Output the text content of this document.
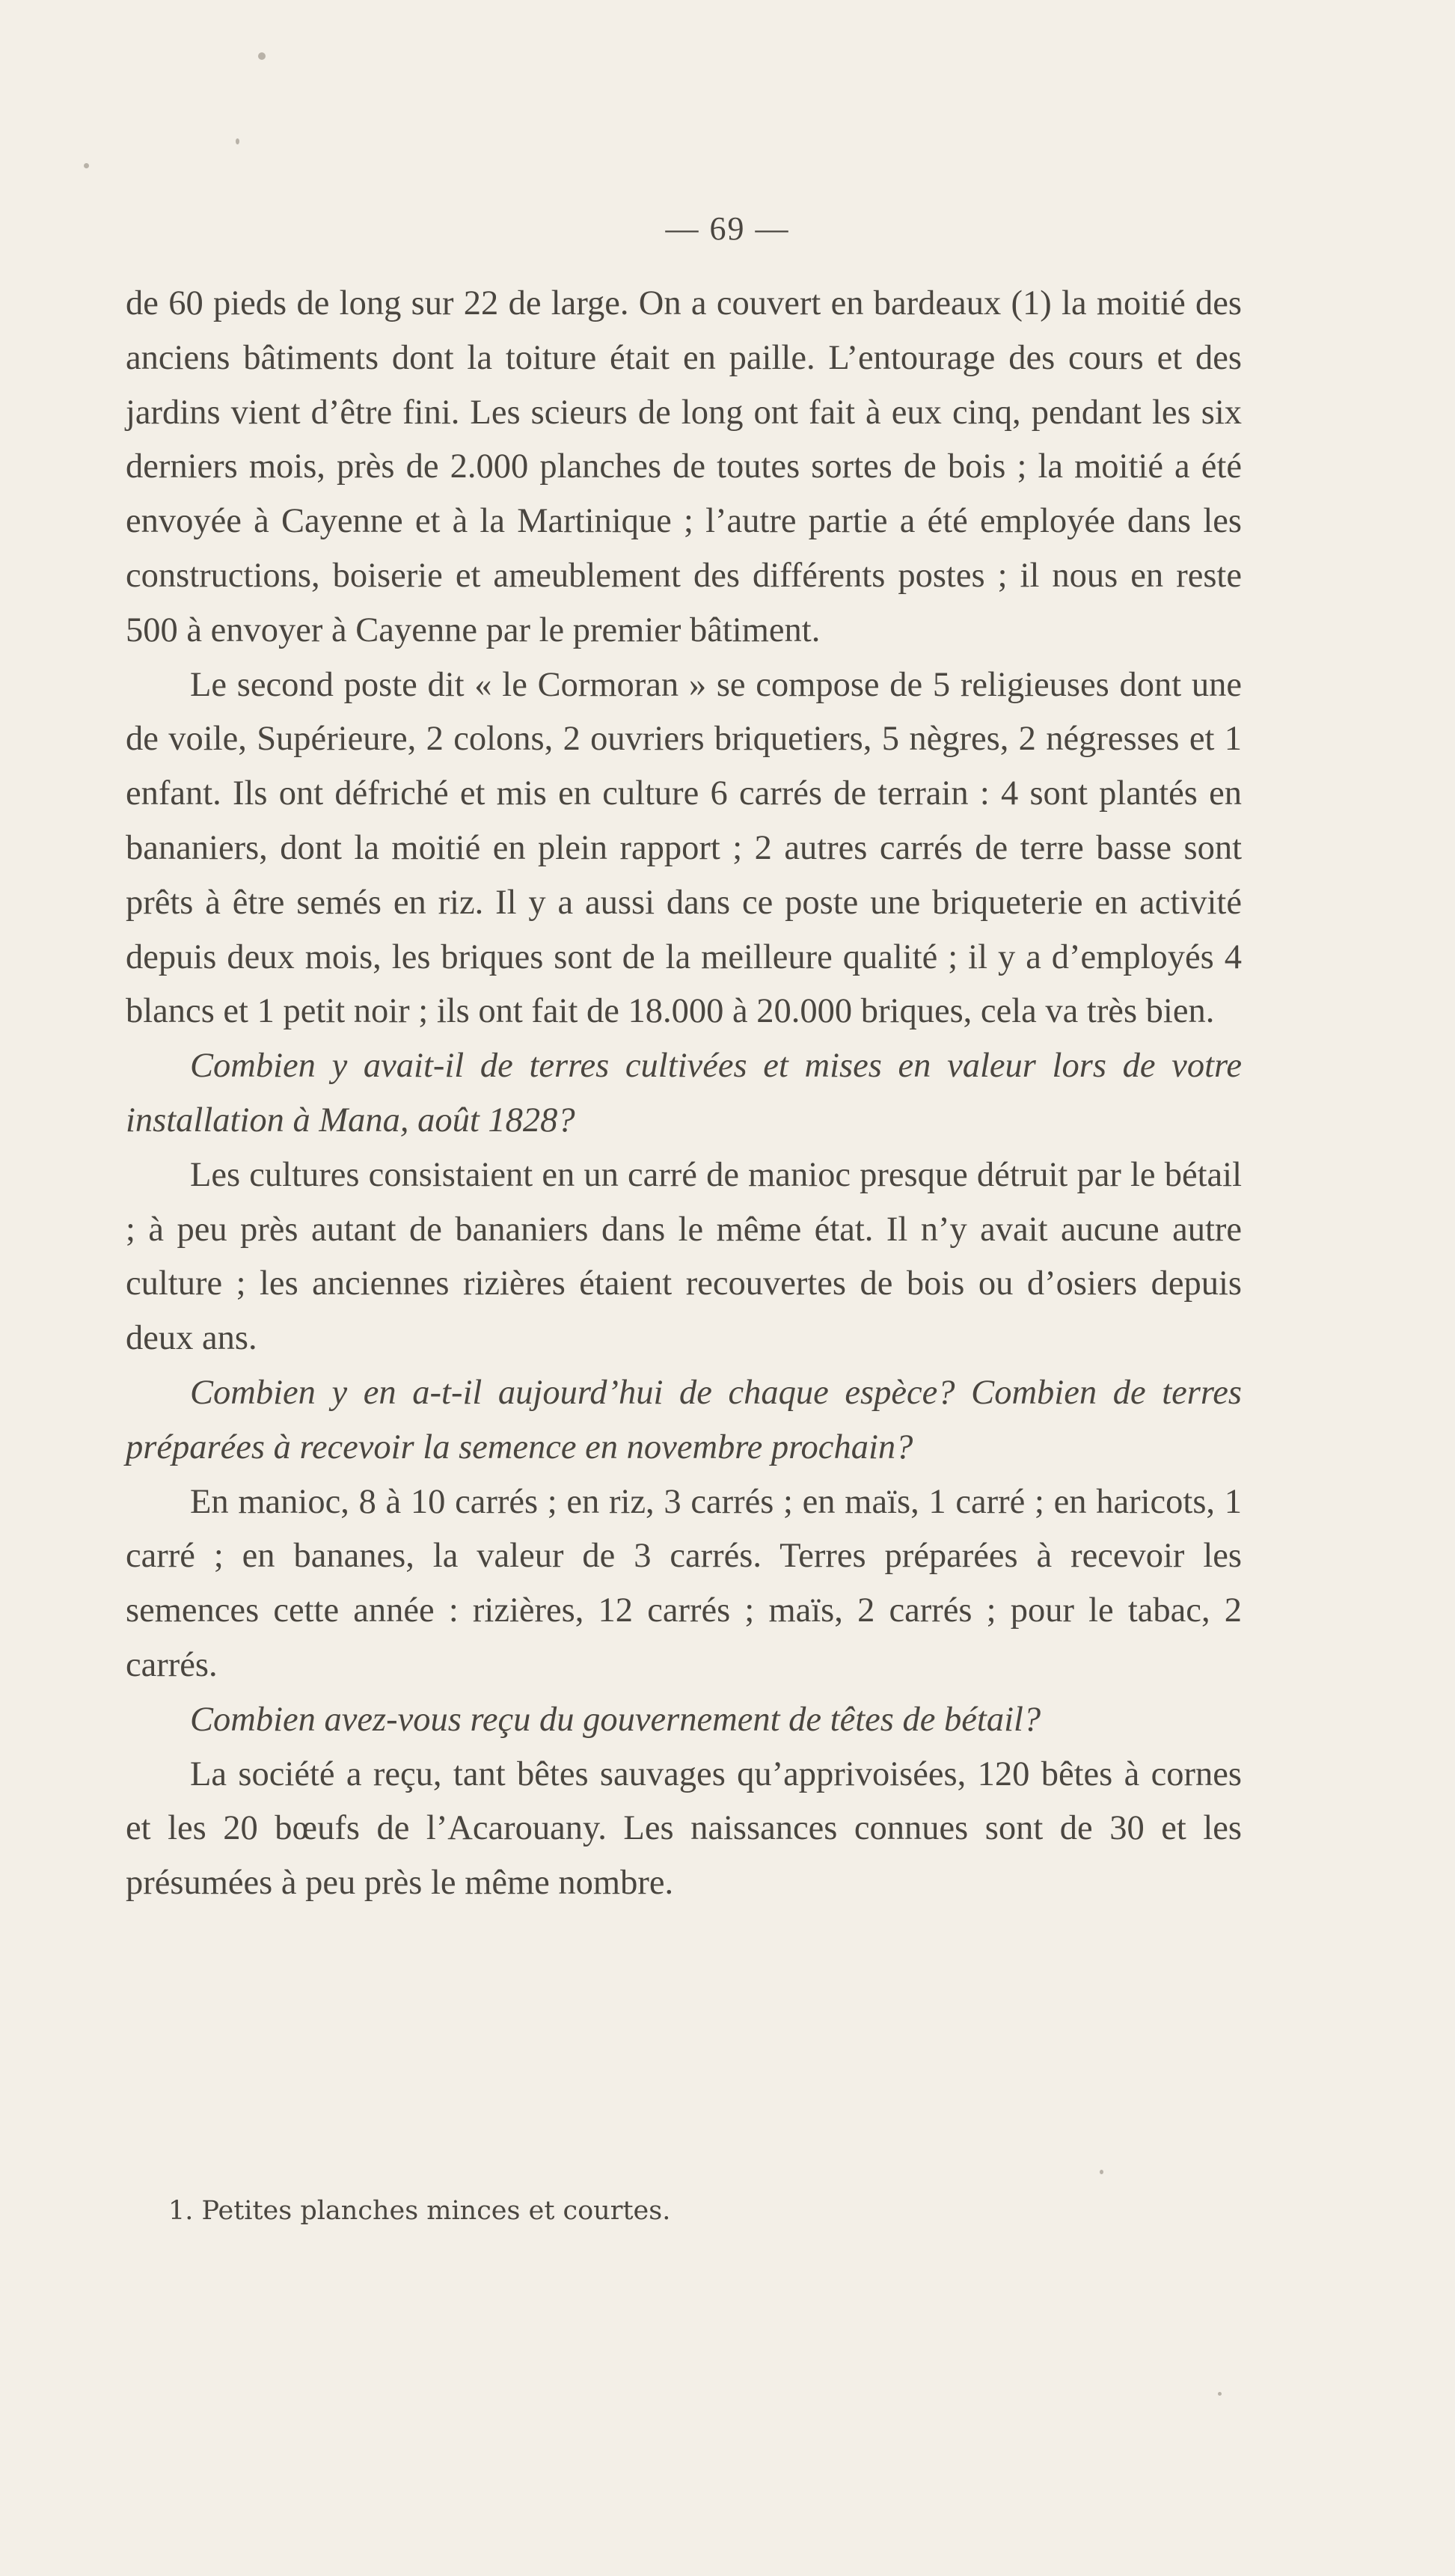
— 69 —

de 60 pieds de long sur 22 de large. On a couvert en bardeaux (1) la moitié des anciens bâtiments dont la toiture était en paille. L’entourage des cours et des jardins vient d’être fini. Les scieurs de long ont fait à eux cinq, pendant les six derniers mois, près de 2.000 planches de toutes sortes de bois ; la moitié a été envoyée à Cayenne et à la Martinique ; l’autre partie a été employée dans les constructions, boiserie et ameublement des différents postes ; il nous en reste 500 à envoyer à Cayenne par le premier bâtiment.

Le second poste dit « le Cormoran » se compose de 5 religieuses dont une de voile, Supérieure, 2 colons, 2 ouvriers briquetiers, 5 nègres, 2 négresses et 1 enfant. Ils ont défriché et mis en culture 6 carrés de terrain : 4 sont plantés en bananiers, dont la moitié en plein rapport ; 2 autres carrés de terre basse sont prêts à être semés en riz. Il y a aussi dans ce poste une briqueterie en activité depuis deux mois, les briques sont de la meilleure qualité ; il y a d’employés 4 blancs et 1 petit noir ; ils ont fait de 18.000 à 20.000 briques, cela va très bien.

Combien y avait-il de terres cultivées et mises en valeur lors de votre installation à Mana, août 1828?

Les cultures consistaient en un carré de manioc presque détruit par le bétail ; à peu près autant de bananiers dans le même état. Il n’y avait aucune autre culture ; les anciennes rizières étaient recouvertes de bois ou d’osiers depuis deux ans.

Combien y en a-t-il aujourd’hui de chaque espèce? Combien de terres préparées à recevoir la semence en novembre prochain?

En manioc, 8 à 10 carrés ; en riz, 3 carrés ; en maïs, 1 carré ; en haricots, 1 carré ; en bananes, la valeur de 3 carrés. Terres préparées à recevoir les semences cette année : rizières, 12 carrés ; maïs, 2 carrés ; pour le tabac, 2 carrés.

Combien avez-vous reçu du gouvernement de têtes de bétail?

La société a reçu, tant bêtes sauvages qu’apprivoisées, 120 bêtes à cornes et les 20 bœufs de l’Acarouany. Les naissances connues sont de 30 et les présumées à peu près le même nombre.

1. Petites planches minces et courtes.
